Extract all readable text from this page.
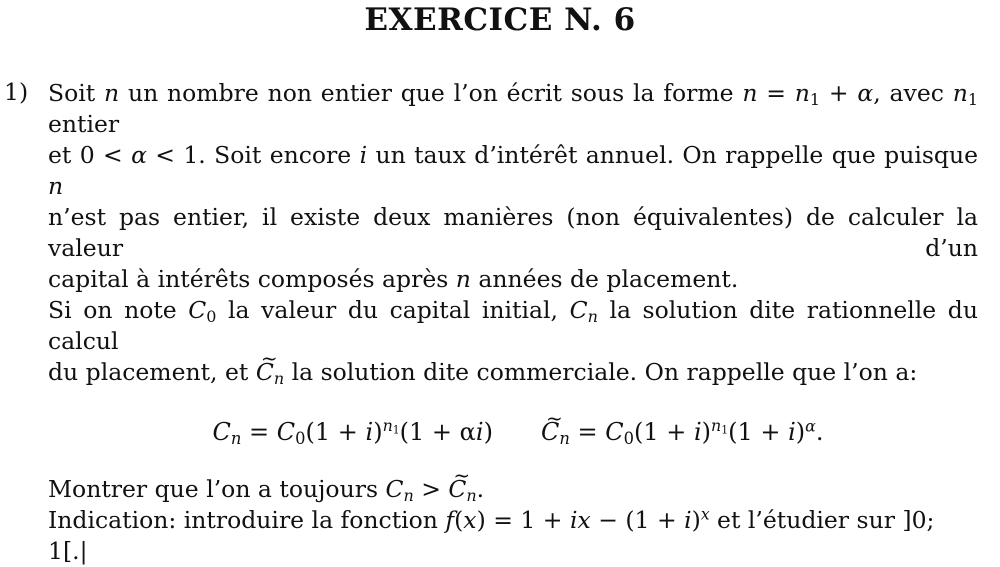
EXERCICE N. 6
1) Soit n un nombre non entier que l’on écrit sous la forme $n = n_1 + \alpha$, avec $n_1$ entier

et 0 < α < 1. Soit encore i un taux d’intérêt annuel. On rappelle que puisque n

n’est pas entier, il existe deux manières (non équivalentes) de calculer la valeur d’un

capital à intérêts composés après n années de placement.

Si on note $C_0$ la valeur du capital initial, $C_n$ la solution dite rationnelle du calcul

du placement, et ~ $C_n$ la solution dite commerciale. On rappelle que l’on a:

$C_n = C_0(1 + i)^{n_1}(1$ + αi)~ $C_n = C_0(1 + i)^{n_1}(1 + i)^\alpha$.

Montrer que l’on a toujours $C_n$ > ~ $C_n$.

Indication: introduire la fonction f(x) = 1 + ix − $(1 + i)^x$ et l’étudier sur ]0; 1[.|
